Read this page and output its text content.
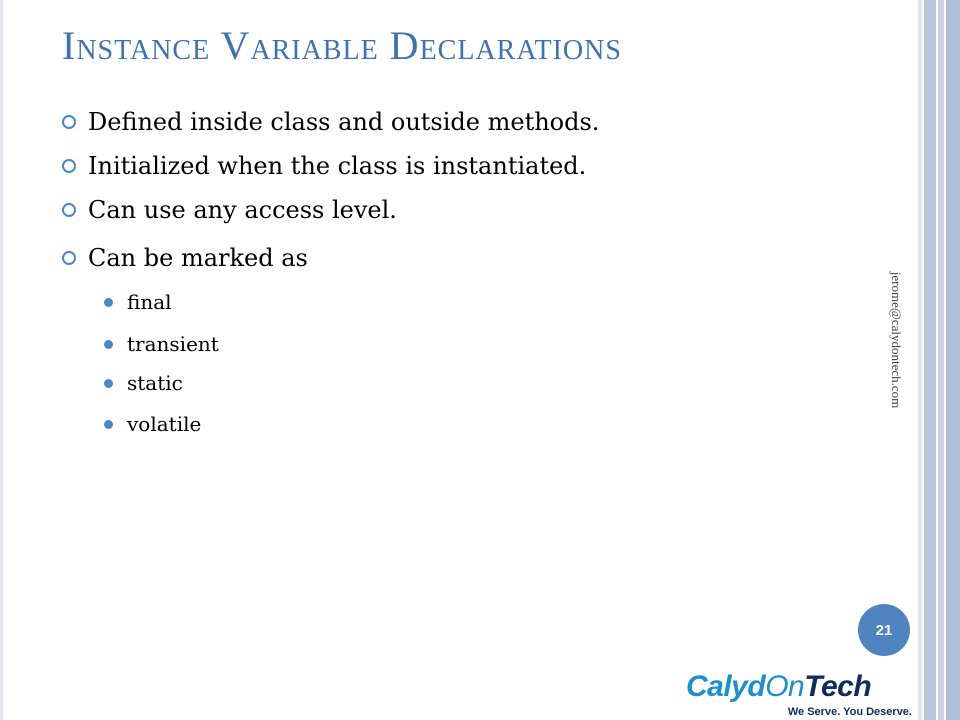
Instance Variable Declarations
Defined inside class and outside methods.
Initialized when the class is instantiated.
Can use any access level.
Can be marked as
final
transient
static
volatile
jerome@calydontech.com
21
CalydOnTech
We Serve. You Deserve.
